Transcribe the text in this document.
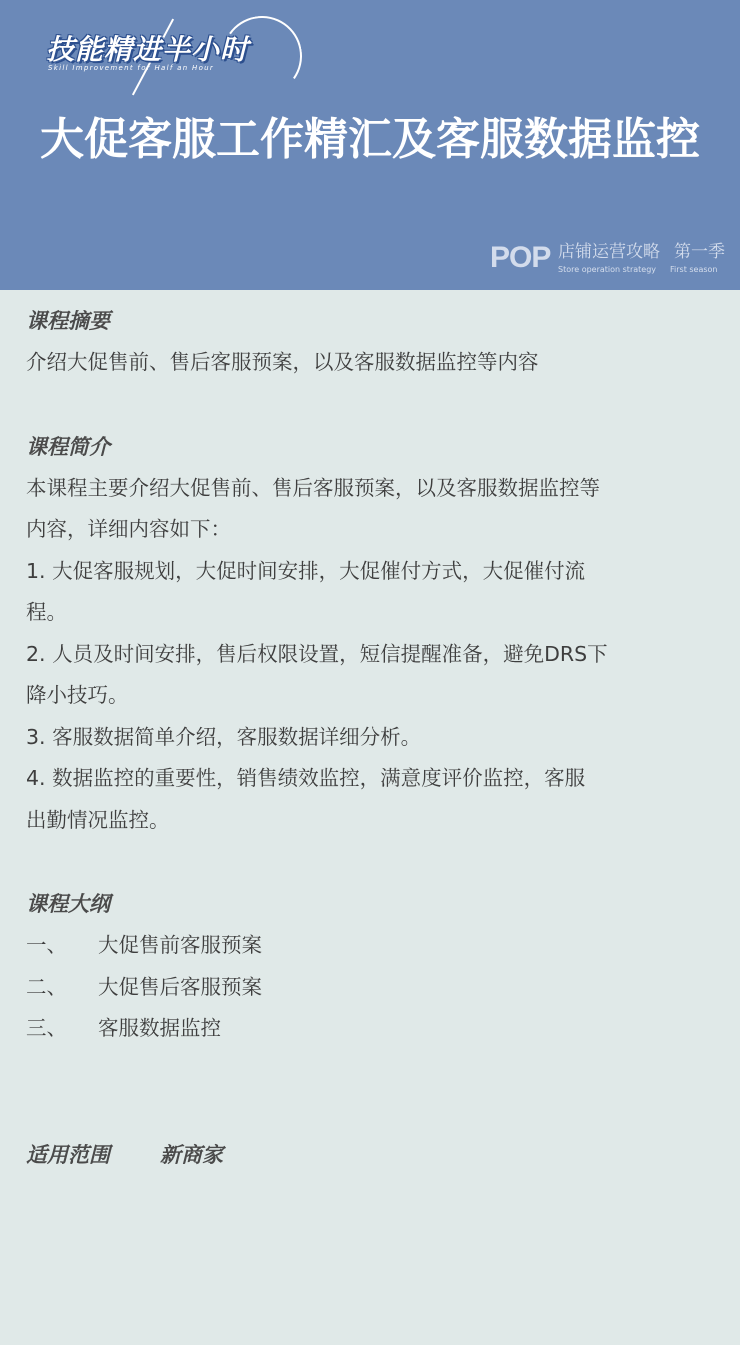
技能精进半小时
Skill Improvement for Half an Hour
大促客服工作精汇及客服数据监控
POP 店铺运营攻略 第一季
Store operation strategy First season
课程摘要
介绍大促售前、售后客服预案，以及客服数据监控等内容
课程简介
本课程主要介绍大促售前、售后客服预案，以及客服数据监控等
内容，详细内容如下：
1. 大促客服规划，大促时间安排，大促催付方式，大促催付流
程。
2. 人员及时间安排，售后权限设置，短信提醒准备，避免DRS下
降小技巧。
3. 客服数据简单介绍，客服数据详细分析。
4. 数据监控的重要性，销售绩效监控，满意度评价监控，客服
出勤情况监控。
课程大纲
一、	大促售前客服预案
二、	大促售后客服预案
三、	客服数据监控
适用范围	新商家
